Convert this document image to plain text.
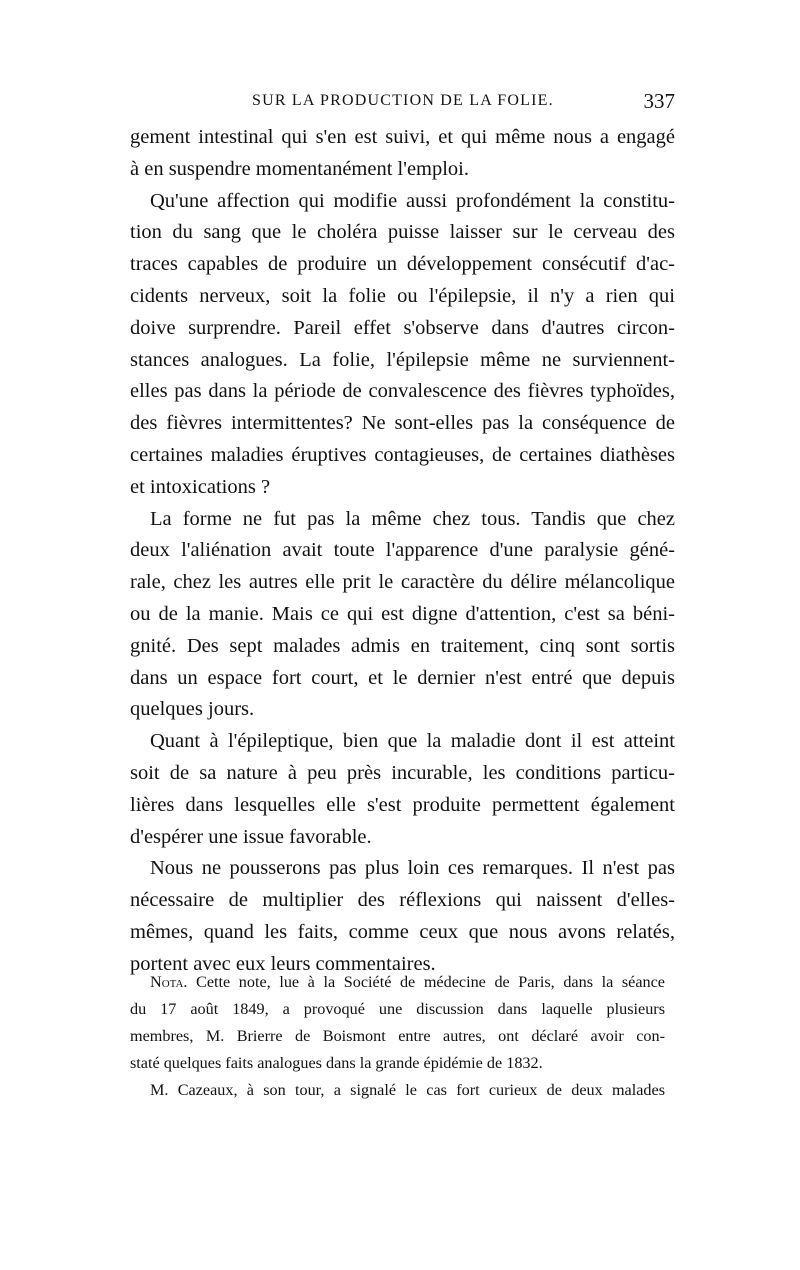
SUR LA PRODUCTION DE LA FOLIE.	337
gement intestinal qui s'en est suivi, et qui même nous a engagé
à en suspendre momentanément l'emploi.
Qu'une affection qui modifie aussi profondément la constitu-
tion du sang que le choléra puisse laisser sur le cerveau des
traces capables de produire un développement consécutif d'ac-
cidents nerveux, soit la folie ou l'épilepsie, il n'y a rien qui
doive surprendre. Pareil effet s'observe dans d'autres circon-
stances analogues. La folie, l'épilepsie même ne surviennent-
elles pas dans la période de convalescence des fièvres typhoïdes,
des fièvres intermittentes? Ne sont-elles pas la conséquence de
certaines maladies éruptives contagieuses, de certaines diathèses
et intoxications ?
La forme ne fut pas la même chez tous. Tandis que chez
deux l'aliénation avait toute l'apparence d'une paralysie géné-
rale, chez les autres elle prit le caractère du délire mélancolique
ou de la manie. Mais ce qui est digne d'attention, c'est sa béni-
gnité. Des sept malades admis en traitement, cinq sont sortis
dans un espace fort court, et le dernier n'est entré que depuis
quelques jours.
Quant à l'épileptique, bien que la maladie dont il est atteint
soit de sa nature à peu près incurable, les conditions particu-
lières dans lesquelles elle s'est produite permettent également
d'espérer une issue favorable.
Nous ne pousserons pas plus loin ces remarques. Il n'est pas
nécessaire de multiplier des réflexions qui naissent d'elles-
mêmes, quand les faits, comme ceux que nous avons relatés,
portent avec eux leurs commentaires.
Nota. Cette note, lue à la Société de médecine de Paris, dans la séance
du 17 août 1849, a provoqué une discussion dans laquelle plusieurs
membres, M. Brierre de Boismont entre autres, ont déclaré avoir con-
staté quelques faits analogues dans la grande épidémie de 1832.
M. Cazeaux, à son tour, a signalé le cas fort curieux de deux malades
